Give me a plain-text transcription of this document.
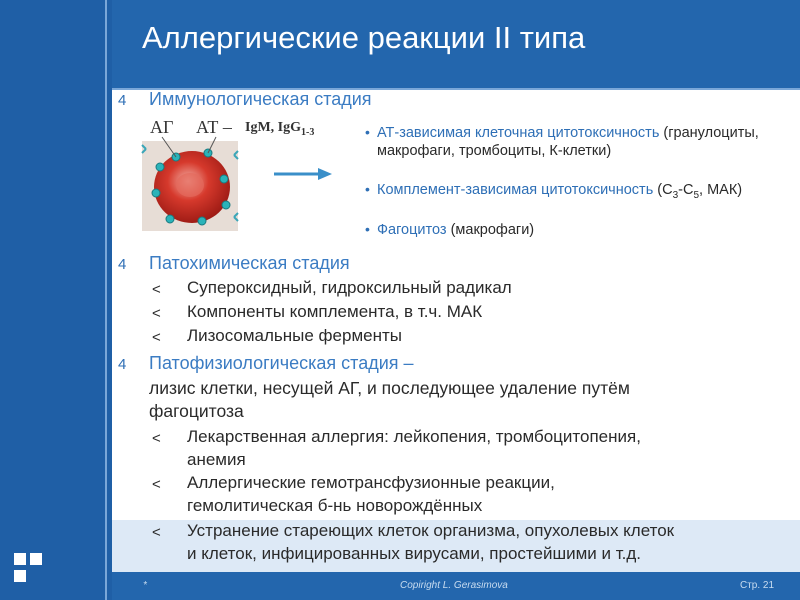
Аллергические реакции II типа
4 Иммунологическая стадия
АГ АТ – IgM, IgG$_{1-3}$	• АТ-зависимая клеточная цитотоксичность (гранулоциты, макрофаги, тромбоциты, К-клетки)
• Комплемент-зависимая цитотоксичность ($С_3-С_5$, МАК)
• Фагоцитоз (макрофаги)
4 Патохимическая стадия
< Супероксидный, гидроксильный радикал
< Компоненты комплемента, в т.ч. МАК
< Лизосомальные ферменты
4 Патофизиологическая стадия –
лизис клетки, несущей АГ, и последующее удаление путём
фагоцитоза
< Лекарственная аллергия: лейкопения, тромбоцитопения,
анемия
< Аллергические гемотрансфузионные реакции,
гемолитическая б-нь новорождённых
< Устранение стареющих клеток организма, опухолевых клеток
и клеток, инфицированных вирусами, простейшими и т.д.
*	Copiright L. Gerasimova	Стр. 21
